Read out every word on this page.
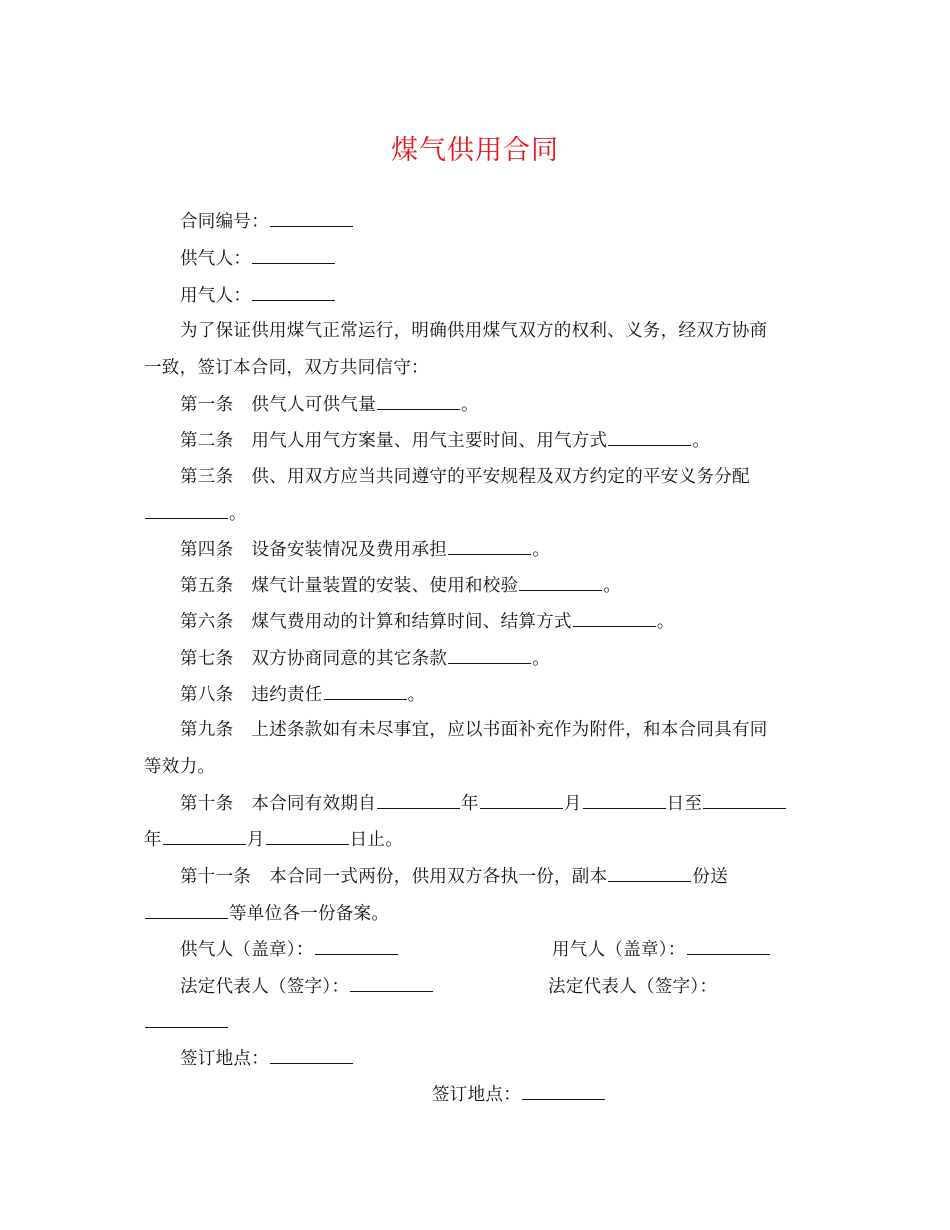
煤气供用合同
合同编号：
供气人：
用气人：
为了保证供用煤气正常运行，明确供用煤气双方的权利、义务，经双方协商
一致，签订本合同，双方共同信守：
第一条 供气人可供气量	。
第二条 用气人用气方案量、用气主要时间、用气方式	。
第三条 供、用双方应当共同遵守的平安规程及双方约定的平安义务分配
。
第四条 设备安装情况及费用承担	。
第五条 煤气计量装置的安装、使用和校验	。
第六条 煤气费用动的计算和结算时间、结算方式	。
第七条 双方协商同意的其它条款	。
第八条 违约责任	。
第九条 上述条款如有未尽事宜，应以书面补充作为附件，和本合同具有同
等效力。
第十条 本合同有效期自	年	月	日至
年	月	日止。
第十一条 本合同一式两份，供用双方各执一份，副本	份送
等单位各一份备案。
供气人（盖章）：	用气人（盖章）：
法定代表人（签字）：	法定代表人（签字）：
签订地点：
签订地点：
